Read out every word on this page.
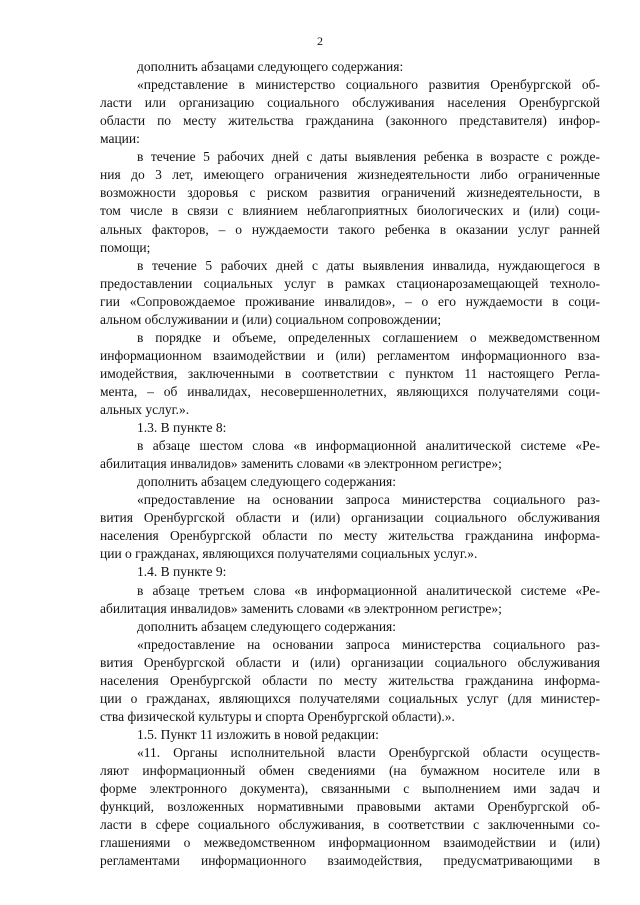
2
дополнить абзацами следующего содержания:
«представление в министерство социального развития Оренбургской об-
ласти или организацию социального обслуживания населения Оренбургской
области по месту жительства гражданина (законного представителя) инфор-
мации:
в течение 5 рабочих дней с даты выявления ребенка в возрасте с рожде-
ния до 3 лет, имеющего ограничения жизнедеятельности либо ограниченные
возможности здоровья с риском развития ограничений жизнедеятельности, в
том числе в связи с влиянием неблагоприятных биологических и (или) соци-
альных факторов, – о нуждаемости такого ребенка в оказании услуг ранней
помощи;
в течение 5 рабочих дней с даты выявления инвалида, нуждающегося в
предоставлении социальных услуг в рамках стационарозамещающей техноло-
гии «Сопровождаемое проживание инвалидов», – о его нуждаемости в соци-
альном обслуживании и (или) социальном сопровождении;
в порядке и объеме, определенных соглашением о межведомственном
информационном взаимодействии и (или) регламентом информационного вза-
имодействия, заключенными в соответствии с пунктом 11 настоящего Регла-
мента, – об инвалидах, несовершеннолетних, являющихся получателями соци-
альных услуг.».
1.3. В пункте 8:
в абзаце шестом слова «в информационной аналитической системе «Ре-
абилитация инвалидов» заменить словами «в электронном регистре»;
дополнить абзацем следующего содержания:
«предоставление на основании запроса министерства социального раз-
вития Оренбургской области и (или) организации социального обслуживания
населения Оренбургской области по месту жительства гражданина информа-
ции о гражданах, являющихся получателями социальных услуг.».
1.4. В пункте 9:
в абзаце третьем слова «в информационной аналитической системе «Ре-
абилитация инвалидов» заменить словами «в электронном регистре»;
дополнить абзацем следующего содержания:
«предоставление на основании запроса министерства социального раз-
вития Оренбургской области и (или) организации социального обслуживания
населения Оренбургской области по месту жительства гражданина информа-
ции о гражданах, являющихся получателями социальных услуг (для министер-
ства физической культуры и спорта Оренбургской области).».
1.5. Пункт 11 изложить в новой редакции:
«11. Органы исполнительной власти Оренбургской области осуществ-
ляют информационный обмен сведениями (на бумажном носителе или в
форме электронного документа), связанными с выполнением ими задач и
функций, возложенных нормативными правовыми актами Оренбургской об-
ласти в сфере социального обслуживания, в соответствии с заключенными со-
глашениями о межведомственном информационном взаимодействии и (или)
регламентами информационного взаимодействия, предусматривающими в
